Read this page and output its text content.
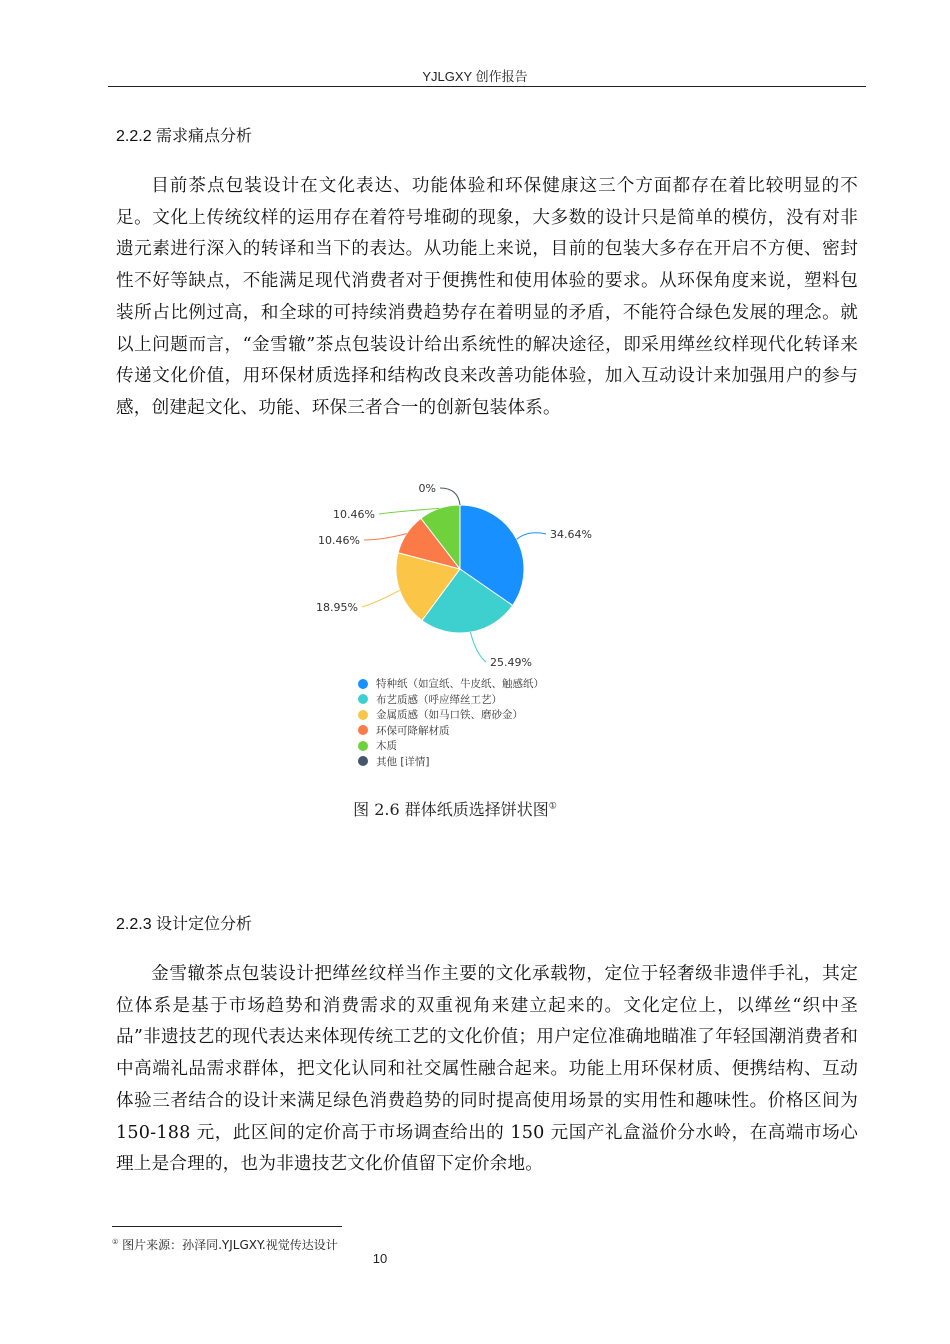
YJLGXY 创作报告
2.2.2 需求痛点分析

目前茶点包装设计在文化表达、功能体验和环保健康这三个方面都存在着比较明显的不足。文化上传统纹样的运用存在着符号堆砌的现象，大多数的设计只是简单的模仿，没有对非遗元素进行深入的转译和当下的表达。从功能上来说，目前的包装大多存在开启不方便、密封性不好等缺点，不能满足现代消费者对于便携性和使用体验的要求。从环保角度来说，塑料包装所占比例过高，和全球的可持续消费趋势存在着明显的矛盾，不能符合绿色发展的理念。就以上问题而言，“金雪辙”茶点包装设计给出系统性的解决途径，即采用缂丝纹样现代化转译来传递文化价值，用环保材质选择和结构改良来改善功能体验，加入互动设计来加强用户的参与感，创建起文化、功能、环保三者合一的创新包装体系。

34.64%
25.49%
18.95%
10.46%
10.46%
0%
特种纸（如宣纸、牛皮纸、触感纸）
布艺质感（呼应缂丝工艺）
金属质感（如马口铁、磨砂金）
环保可降解材质
木质
其他 [详情]
图 2.6 群体纸质选择饼状图①
2.2.3 设计定位分析

金雪辙茶点包装设计把缂丝纹样当作主要的文化承载物，定位于轻奢级非遗伴手礼，其定位体系是基于市场趋势和消费需求的双重视角来建立起来的。文化定位上，以缂丝“织中圣品”非遗技艺的现代表达来体现传统工艺的文化价值；用户定位准确地瞄准了年轻国潮消费者和中高端礼品需求群体，把文化认同和社交属性融合起来。功能上用环保材质、便携结构、互动体验三者结合的设计来满足绿色消费趋势的同时提高使用场景的实用性和趣味性。价格区间为 150-188 元，此区间的定价高于市场调查给出的 150 元国产礼盒溢价分水岭，在高端市场心理上是合理的，也为非遗技艺文化价值留下定价余地。

① 图片来源：孙泽同.YJLGXY.视觉传达设计
10
